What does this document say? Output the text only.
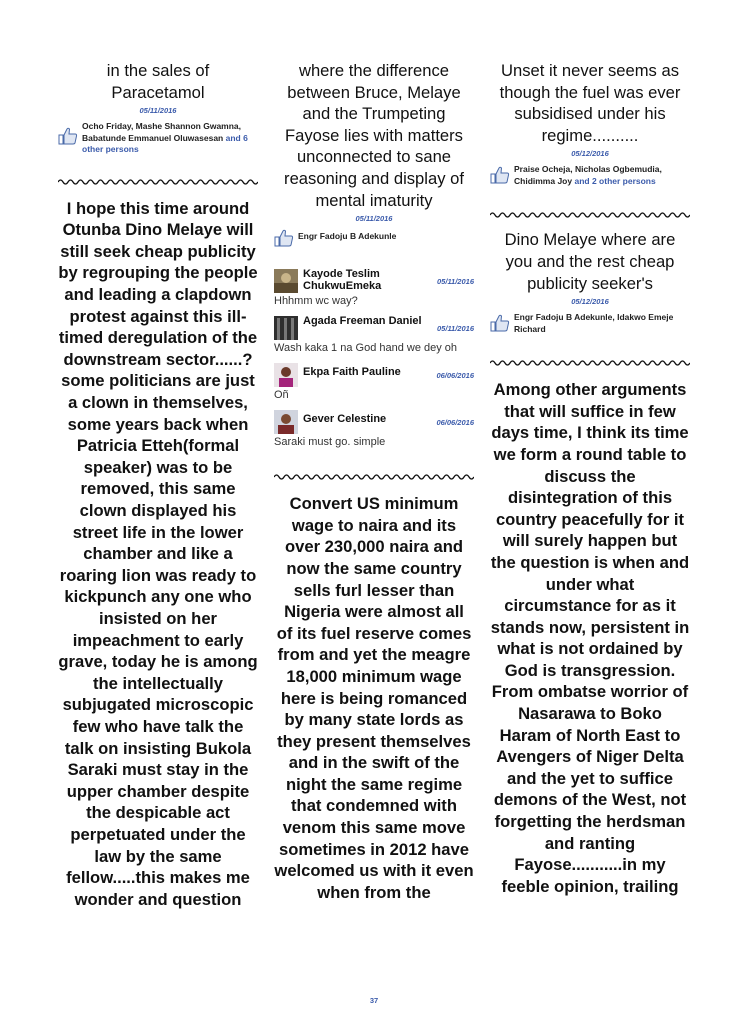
in the sales of Paracetamol

05/11/2016
Ocho Friday, Mashe Shannon Gwamna, Babatunde Emmanuel Oluwasesan and 6 other persons

I hope this time around Otunba Dino Melaye will still seek cheap publicity by regrouping the people and leading a clapdown protest against this ill-timed deregulation of the downstream sector......? some politicians are just a clown in themselves, some years back when Patricia Etteh(formal speaker) was to be removed, this same clown displayed his street life in the lower chamber and like a roaring lion was ready to kickpunch any one who insisted on her impeachment to early grave, today he is among the intellectually subjugated microscopic few who have talk the talk on insisting Bukola Saraki must stay in the upper chamber despite the despicable act perpetuated under the law by the same fellow.....this makes me wonder and question

where the difference between Bruce, Melaye and the Trumpeting Fayose lies with matters unconnected to sane reasoning and display of mental imaturity

05/11/2016
Engr Fadoju B Adekunle
Kayode Teslim ChukwuEmeka	05/11/2016
Hhhmm wc way?
Agada Freeman Daniel
05/11/2016
Wash kaka 1 na God hand we dey oh
Ekpa Faith Pauline	06/06/2016
Oñ
Gever Celestine	06/06/2016
Saraki must go. simple

Convert US minimum wage to naira and its over 230,000 naira and now the same country sells furl lesser than Nigeria were almost all of its fuel reserve comes from and yet the meagre 18,000 minimum wage here is being romanced by many state lords as they present themselves and in the swift of the night the same regime that condemned with venom this same move sometimes in 2012 have welcomed us with it even when from the

Unset it never seems as though the fuel was ever subsidised under his regime..........

05/12/2016
Praise Ocheja, Nicholas Ogbemudia, Chidimma Joy and 2 other persons

Dino Melaye where are you and the rest cheap publicity seeker's

05/12/2016
Engr Fadoju B Adekunle, Idakwo Emeje Richard

Among other arguments that will suffice in few days time, I think its time we form a round table to discuss the disintegration of this country peacefully for it will surely happen but the question is when and under what circumstance for as it stands now, persistent in what is not ordained by God is transgression. From ombatse worrior of Nasarawa to Boko Haram of North East to Avengers of Niger Delta and the yet to suffice demons of the West, not forgetting the herdsman and ranting Fayose...........in my feeble opinion, trailing

37
